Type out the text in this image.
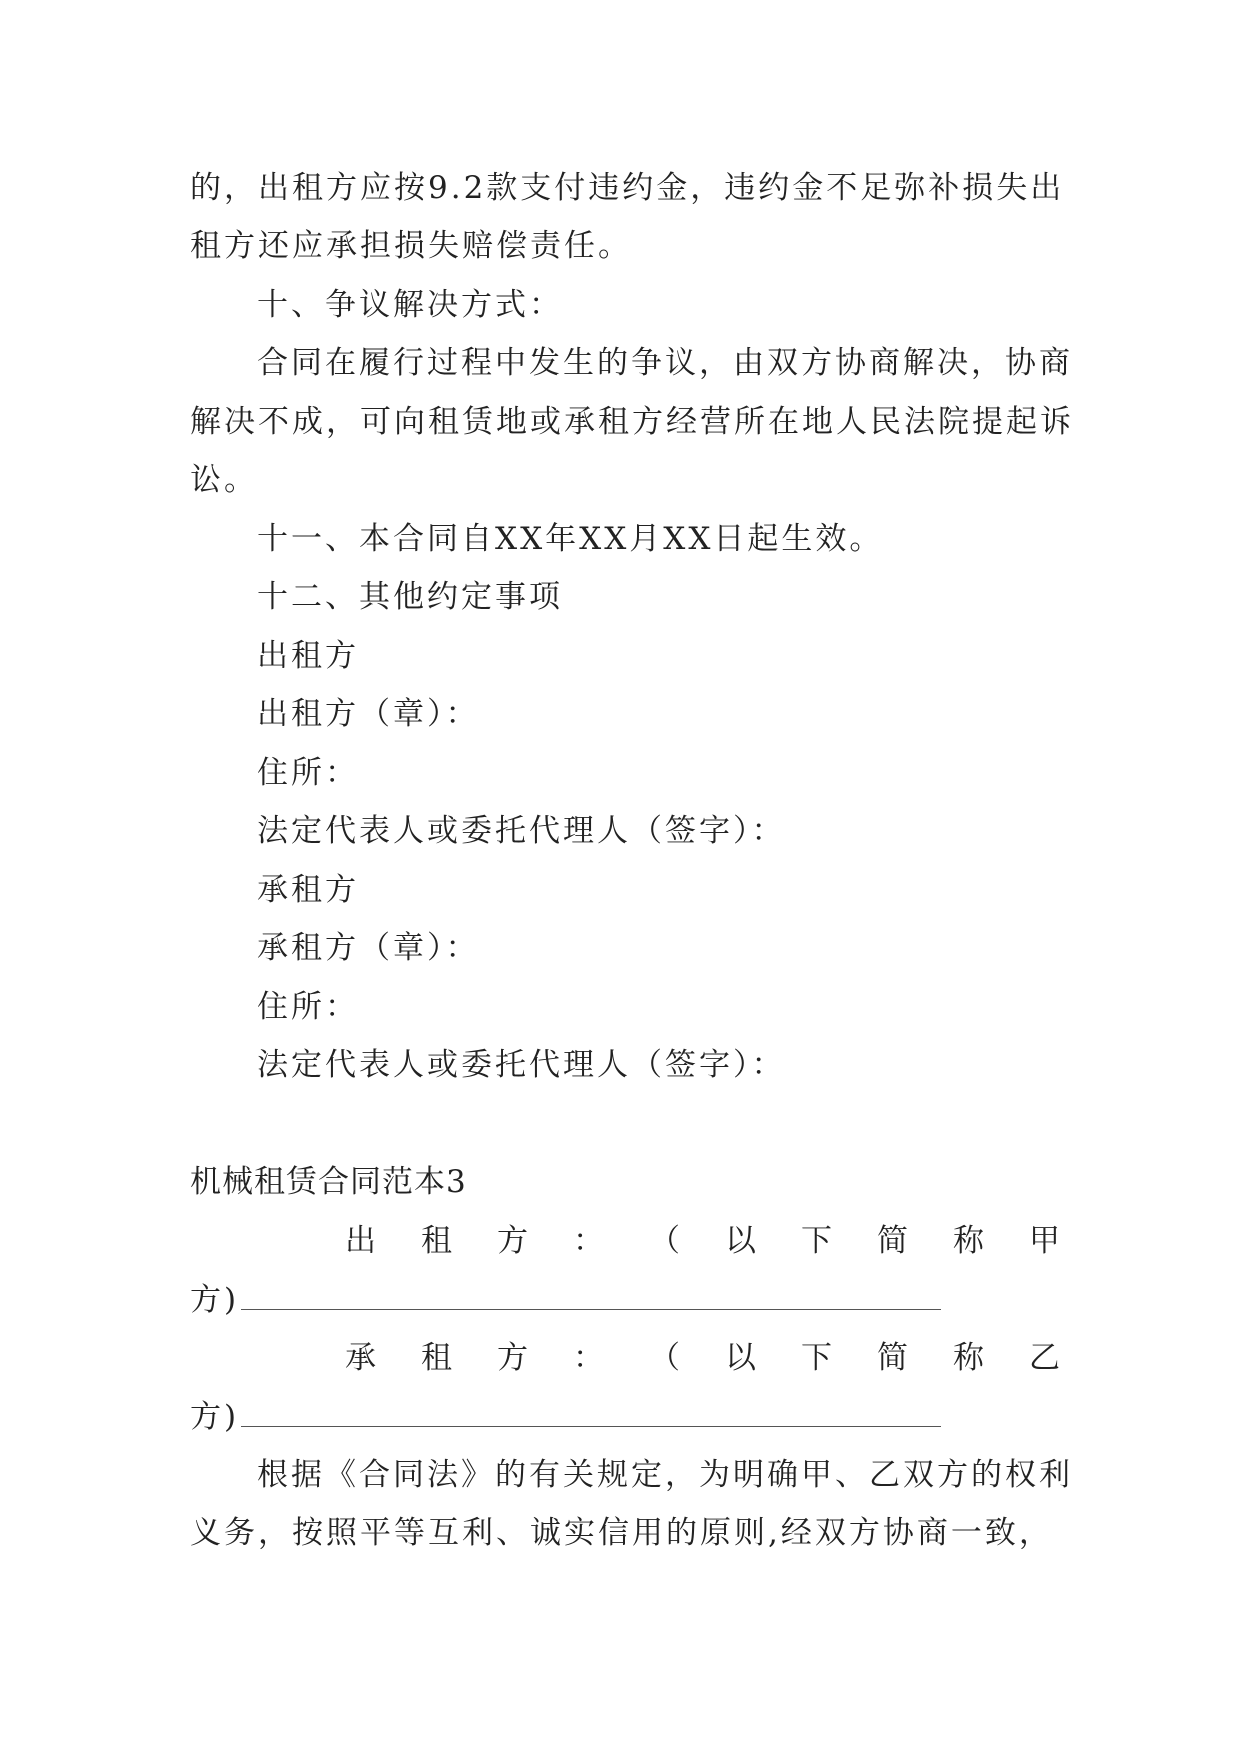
的，出租方应按9.2款支付违约金，违约金不足弥补损失出
租方还应承担损失赔偿责任。
十、争议解决方式：
合同在履行过程中发生的争议，由双方协商解决，协商
解决不成，可向租赁地或承租方经营所在地人民法院提起诉
讼。
十一、本合同自XX年XX月XX日起生效。
十二、其他约定事项
出租方
出租方（章）：
住所：
法定代表人或委托代理人（签字）：
承租方
承租方（章）：
住所：
法定代表人或委托代理人（签字）：
机械租赁合同范本3
出 租 方 ： （ 以 下 简 称 甲
方)
承 租 方 ： （ 以 下 简 称 乙
方)
根据《合同法》的有关规定，为明确甲、乙双方的权利
义务，按照平等互利、诚实信用的原则,经双方协商一致，
